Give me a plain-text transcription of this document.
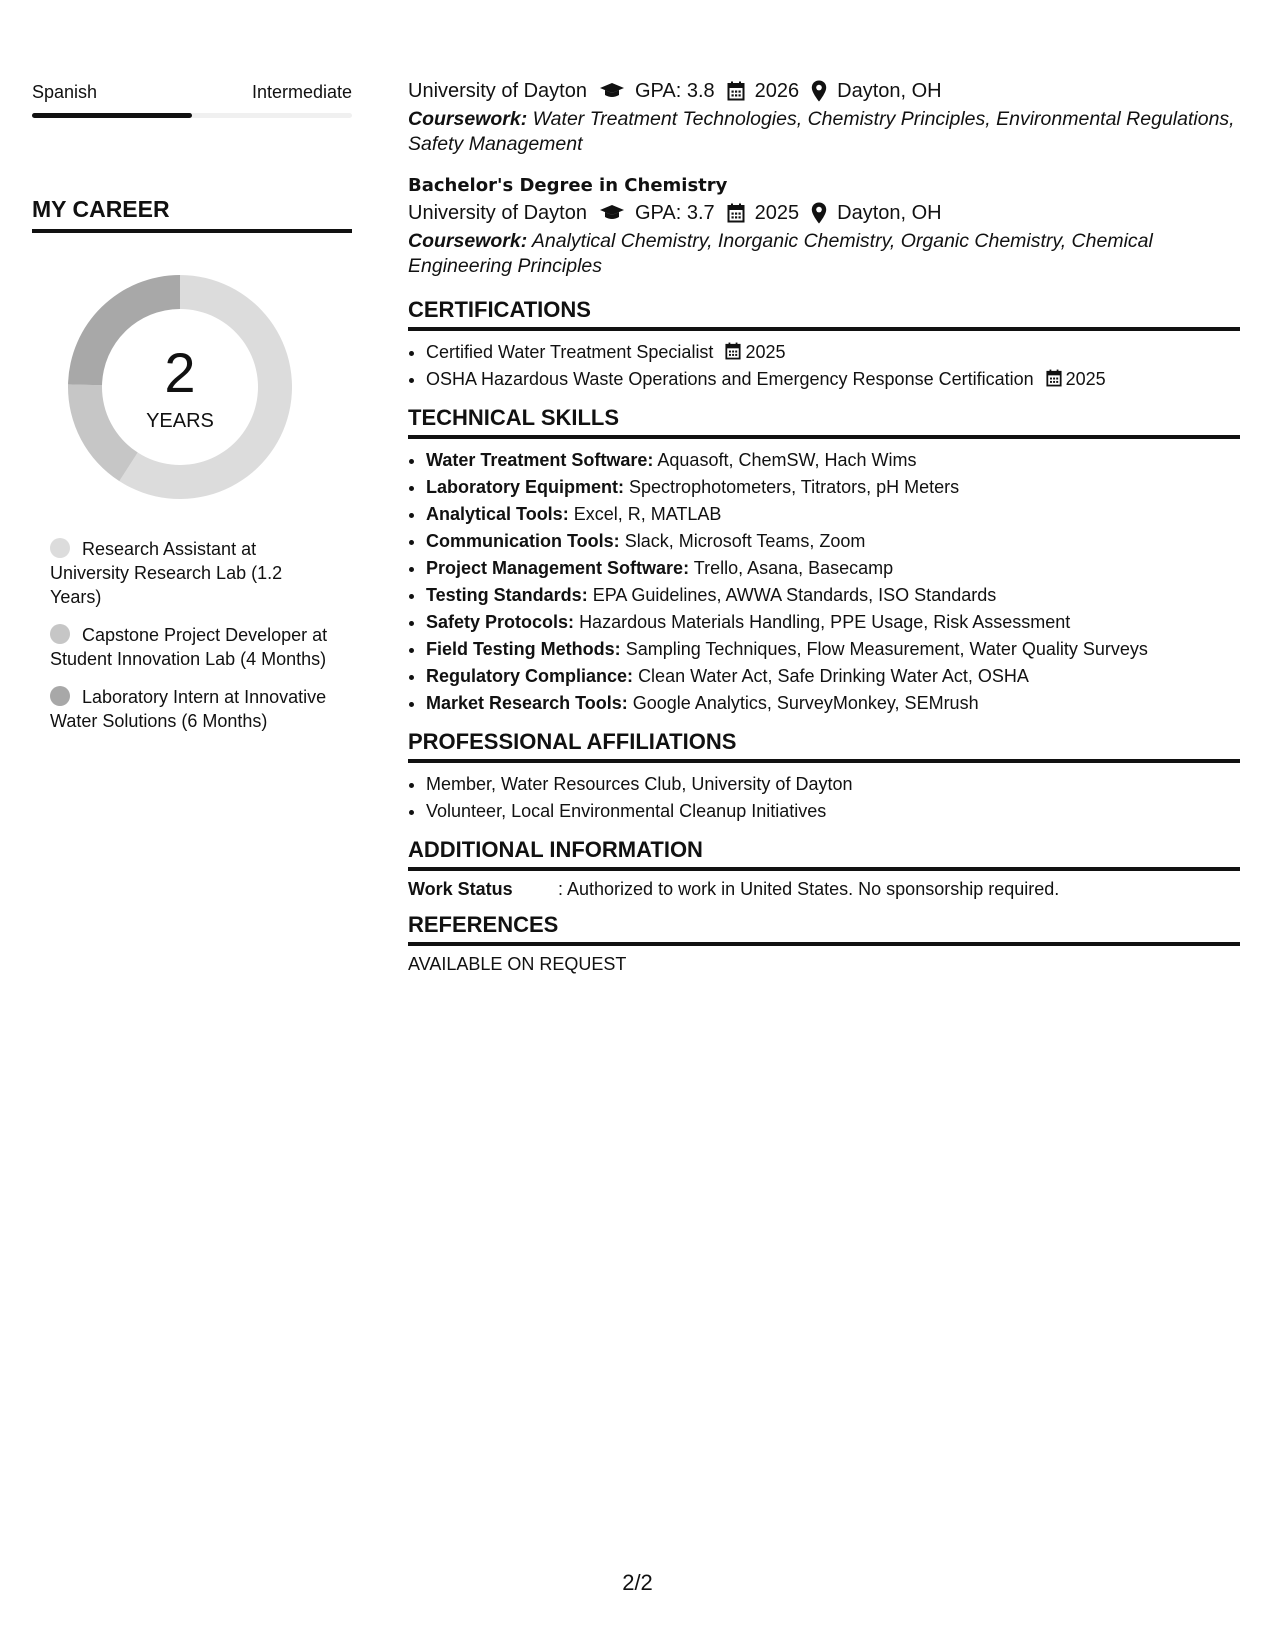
Spanish	Intermediate
MY CAREER
2
YEARS
Research Assistant at University Research Lab (1.2 Years)
Capstone Project Developer at Student Innovation Lab (4 Months)
Laboratory Intern at Innovative Water Solutions (6 Months)
University of Dayton GPA: 3.8 2026 Dayton, OH
Coursework: Water Treatment Technologies, Chemistry Principles, Environmental Regulations, Safety Management
Bachelor's Degree in Chemistry
University of Dayton GPA: 3.7 2025 Dayton, OH
Coursework: Analytical Chemistry, Inorganic Chemistry, Organic Chemistry, Chemical Engineering Principles
CERTIFICATIONS
• Certified Water Treatment Specialist 2025
• OSHA Hazardous Waste Operations and Emergency Response Certification 2025
TECHNICAL SKILLS
• Water Treatment Software: Aquasoft, ChemSW, Hach Wims
• Laboratory Equipment: Spectrophotometers, Titrators, pH Meters
• Analytical Tools: Excel, R, MATLAB
• Communication Tools: Slack, Microsoft Teams, Zoom
• Project Management Software: Trello, Asana, Basecamp
• Testing Standards: EPA Guidelines, AWWA Standards, ISO Standards
• Safety Protocols: Hazardous Materials Handling, PPE Usage, Risk Assessment
• Field Testing Methods: Sampling Techniques, Flow Measurement, Water Quality Surveys
• Regulatory Compliance: Clean Water Act, Safe Drinking Water Act, OSHA
• Market Research Tools: Google Analytics, SurveyMonkey, SEMrush
PROFESSIONAL AFFILIATIONS
• Member, Water Resources Club, University of Dayton
• Volunteer, Local Environmental Cleanup Initiatives
ADDITIONAL INFORMATION
Work Status	: Authorized to work in United States. No sponsorship required.
REFERENCES
AVAILABLE ON REQUEST
2/2
